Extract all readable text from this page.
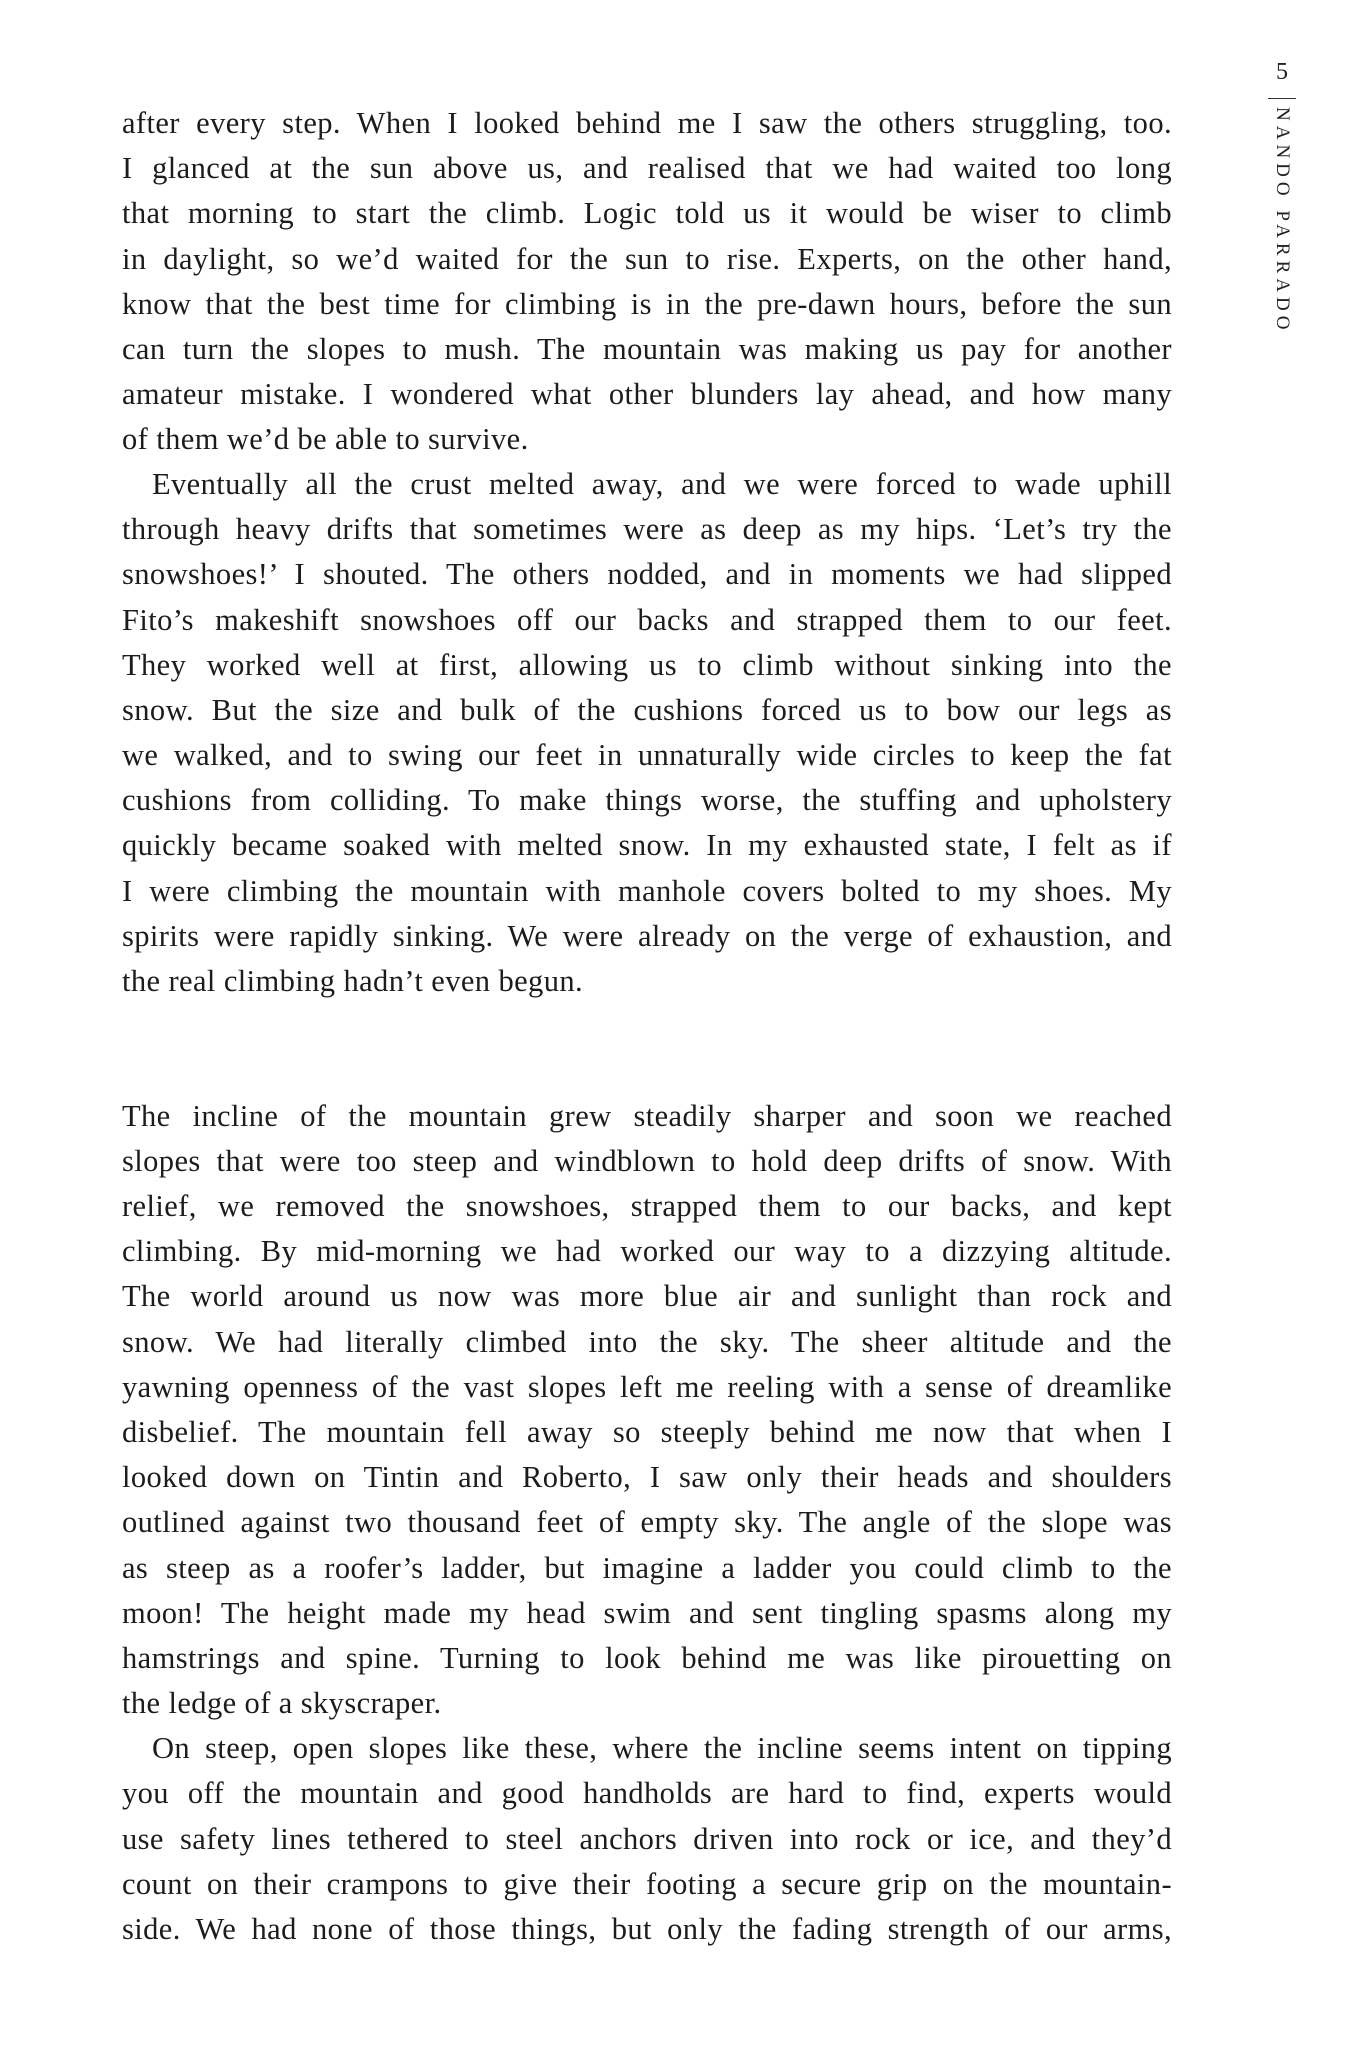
5
NANDO PARRADO
after every step. When I looked behind me I saw the others struggling, too.
I glanced at the sun above us, and realised that we had waited too long
that morning to start the climb. Logic told us it would be wiser to climb
in daylight, so we’d waited for the sun to rise. Experts, on the other hand,
know that the best time for climbing is in the pre-dawn hours, before the sun
can turn the slopes to mush. The mountain was making us pay for another
amateur mistake. I wondered what other blunders lay ahead, and how many
of them we’d be able to survive.
Eventually all the crust melted away, and we were forced to wade uphill
through heavy drifts that sometimes were as deep as my hips. ‘Let’s try the
snowshoes!’ I shouted. The others nodded, and in moments we had slipped
Fito’s makeshift snowshoes off our backs and strapped them to our feet.
They worked well at first, allowing us to climb without sinking into the
snow. But the size and bulk of the cushions forced us to bow our legs as
we walked, and to swing our feet in unnaturally wide circles to keep the fat
cushions from colliding. To make things worse, the stuffing and upholstery
quickly became soaked with melted snow. In my exhausted state, I felt as if
I were climbing the mountain with manhole covers bolted to my shoes. My
spirits were rapidly sinking. We were already on the verge of exhaustion, and
the real climbing hadn’t even begun.
The incline of the mountain grew steadily sharper and soon we reached
slopes that were too steep and windblown to hold deep drifts of snow. With
relief, we removed the snowshoes, strapped them to our backs, and kept
climbing. By mid-morning we had worked our way to a dizzying altitude.
The world around us now was more blue air and sunlight than rock and
snow. We had literally climbed into the sky. The sheer altitude and the
yawning openness of the vast slopes left me reeling with a sense of dreamlike
disbelief. The mountain fell away so steeply behind me now that when I
looked down on Tintin and Roberto, I saw only their heads and shoulders
outlined against two thousand feet of empty sky. The angle of the slope was
as steep as a roofer’s ladder, but imagine a ladder you could climb to the
moon! The height made my head swim and sent tingling spasms along my
hamstrings and spine. Turning to look behind me was like pirouetting on
the ledge of a skyscraper.
On steep, open slopes like these, where the incline seems intent on tipping
you off the mountain and good handholds are hard to find, experts would
use safety lines tethered to steel anchors driven into rock or ice, and they’d
count on their crampons to give their footing a secure grip on the mountain-
side. We had none of those things, but only the fading strength of our arms,
